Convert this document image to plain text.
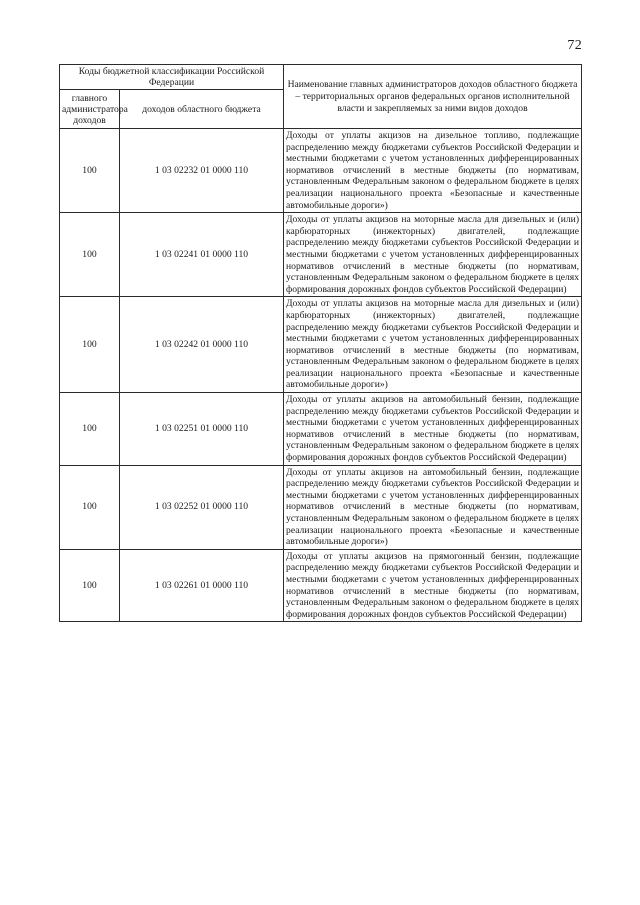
72
Коды бюджетной классификации Российской Федерации		Наименование главных администраторов доходов областного бюджета – территориальных органов федеральных органов исполнительной власти и закрепляемых за ними видов доходов
главного администратора доходов	доходов областного бюджета	
100	1 03 02232 01 0000 110	Доходы от уплаты акцизов на дизельное топливо, подлежащие распределению между бюджетами субъектов Российской Федерации и местными бюджетами с учетом установленных дифференцированных нормативов отчислений в местные бюджеты (по нормативам, установленным Федеральным законом о федеральном бюджете в целях реализации национального проекта «Безопасные и качественные автомобильные дороги»)
100	1 03 02241 01 0000 110	Доходы от уплаты акцизов на моторные масла для дизельных и (или) карбюраторных (инжекторных) двигателей, подлежащие распределению между бюджетами субъектов Российской Федерации и местными бюджетами с учетом установленных дифференцированных нормативов отчислений в местные бюджеты (по нормативам, установленным Федеральным законом о федеральном бюджете в целях формирования дорожных фондов субъектов Российской Федерации)
100	1 03 02242 01 0000 110	Доходы от уплаты акцизов на моторные масла для дизельных и (или) карбюраторных (инжекторных) двигателей, подлежащие распределению между бюджетами субъектов Российской Федерации и местными бюджетами с учетом установленных дифференцированных нормативов отчислений в местные бюджеты (по нормативам, установленным Федеральным законом о федеральном бюджете в целях реализации национального проекта «Безопасные и качественные автомобильные дороги»)
100	1 03 02251 01 0000 110	Доходы от уплаты акцизов на автомобильный бензин, подлежащие распределению между бюджетами субъектов Российской Федерации и местными бюджетами с учетом установленных дифференцированных нормативов отчислений в местные бюджеты (по нормативам, установленным Федеральным законом о федеральном бюджете в целях формирования дорожных фондов субъектов Российской Федерации)
100	1 03 02252 01 0000 110	Доходы от уплаты акцизов на автомобильный бензин, подлежащие распределению между бюджетами субъектов Российской Федерации и местными бюджетами с учетом установленных дифференцированных нормативов отчислений в местные бюджеты (по нормативам, установленным Федеральным законом о федеральном бюджете в целях реализации национального проекта «Безопасные и качественные автомобильные дороги»)
100	1 03 02261 01 0000 110	Доходы от уплаты акцизов на прямогонный бензин, подлежащие распределению между бюджетами субъектов Российской Федерации и местными бюджетами с учетом установленных дифференцированных нормативов отчислений в местные бюджеты (по нормативам, установленным Федеральным законом о федеральном бюджете в целях формирования дорожных фондов субъектов Российской Федерации)
